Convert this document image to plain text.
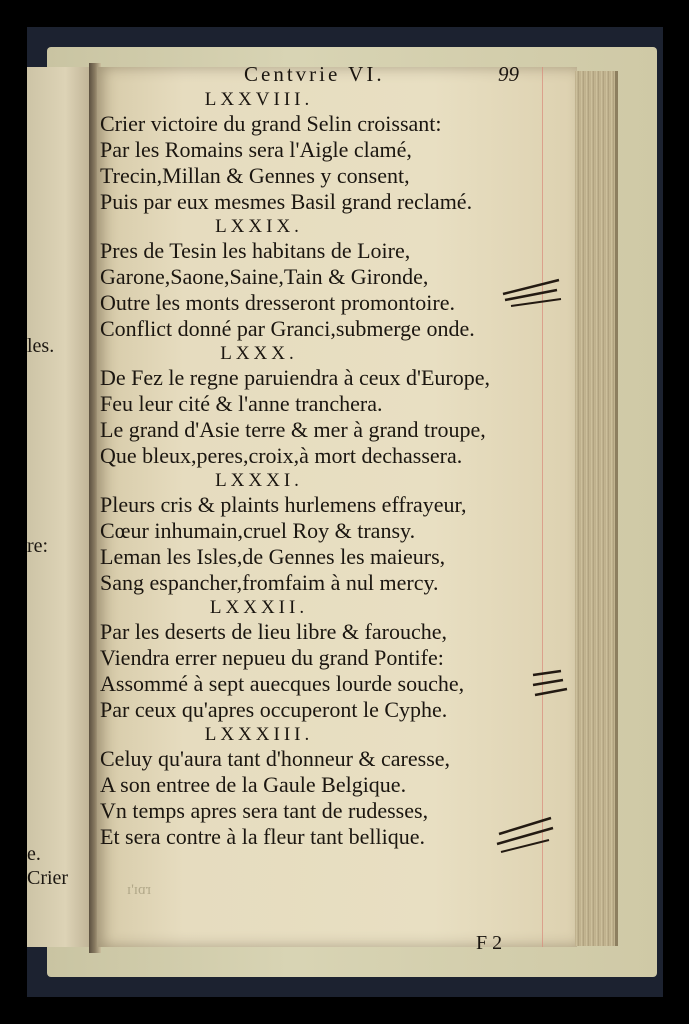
les.
re:
e.
Crier
rɒɪ'ɪ
Centvrie VI.	99
LXXVIII.
Crier victoire du grand Selin croissant:
Par les Romains sera l'Aigle clamé,
Trecin,Millan & Gennes y consent,
Puis par eux mesmes Basil grand reclamé.
LXXIX.
Pres de Tesin les habitans de Loire,
Garone,Saone,Saine,Tain & Gironde,
Outre les monts dresseront promontoire.
Conflict donné par Granci,submerge onde.
LXXX.
De Fez le regne paruiendra à ceux d'Europe,
Feu leur cité & l'anne tranchera.
Le grand d'Asie terre & mer à grand troupe,
Que bleux,peres,croix,à mort dechassera.
LXXXI.
Pleurs cris & plaints hurlemens effrayeur,
Cœur inhumain,cruel Roy & transy.
Leman les Isles,de Gennes les maieurs,
Sang espancher,fromfaim à nul mercy.
LXXXII.
Par les deserts de lieu libre & farouche,
Viendra errer nepueu du grand Pontife:
Assommé à sept auecques lourde souche,
Par ceux qu'apres occuperont le Cyphe.
LXXXIII.
Celuy qu'aura tant d'honneur & caresse,
A son entree de la Gaule Belgique.
Vn temps apres sera tant de rudesses,
Et sera contre à la fleur tant bellique.
F 2
